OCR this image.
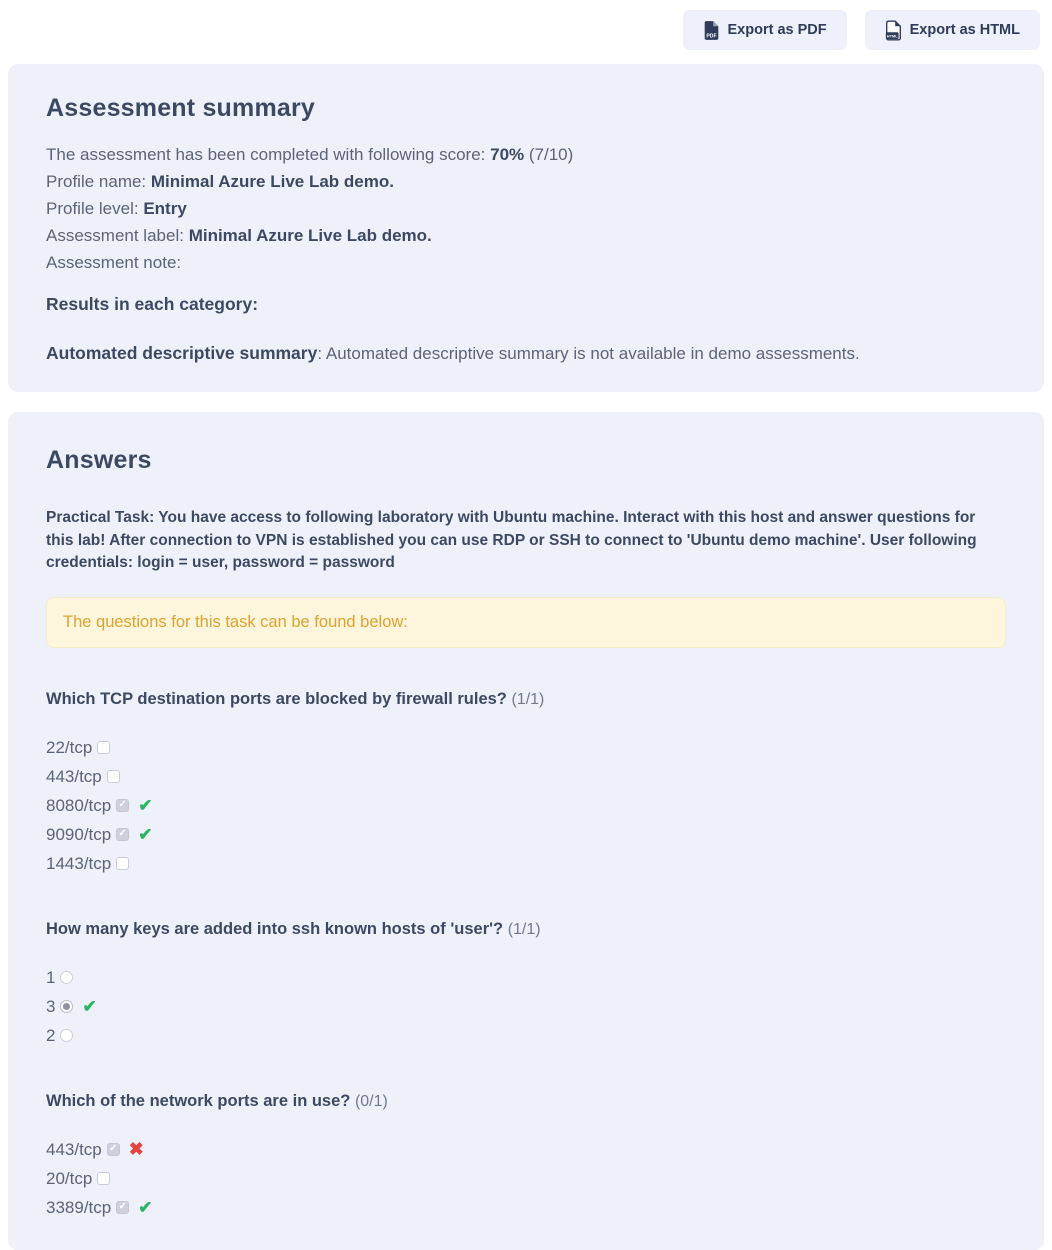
PDF Export as PDF	HTML Export as HTML
Assessment summary
The assessment has been completed with following score: 70% (7/10)
Profile name: Minimal Azure Live Lab demo.
Profile level: Entry
Assessment label: Minimal Azure Live Lab demo.
Assessment note:
Results in each category:
Automated descriptive summary: Automated descriptive summary is not available in demo assessments.
Answers
Practical Task: You have access to following laboratory with Ubuntu machine. Interact with this host and answer questions for this lab! After connection to VPN is established you can use RDP or SSH to connect to 'Ubuntu demo machine'. User following credentials: login = user, password = password
The questions for this task can be found below:
Which TCP destination ports are blocked by firewall rules? (1/1)
22/tcp
443/tcp
8080/tcp ✓ ✔
9090/tcp ✓ ✔
1443/tcp
How many keys are added into ssh known hosts of 'user'? (1/1)
1
3 ✔
2
Which of the network ports are in use? (0/1)
443/tcp ✓ ✖
20/tcp
3389/tcp ✓ ✔
